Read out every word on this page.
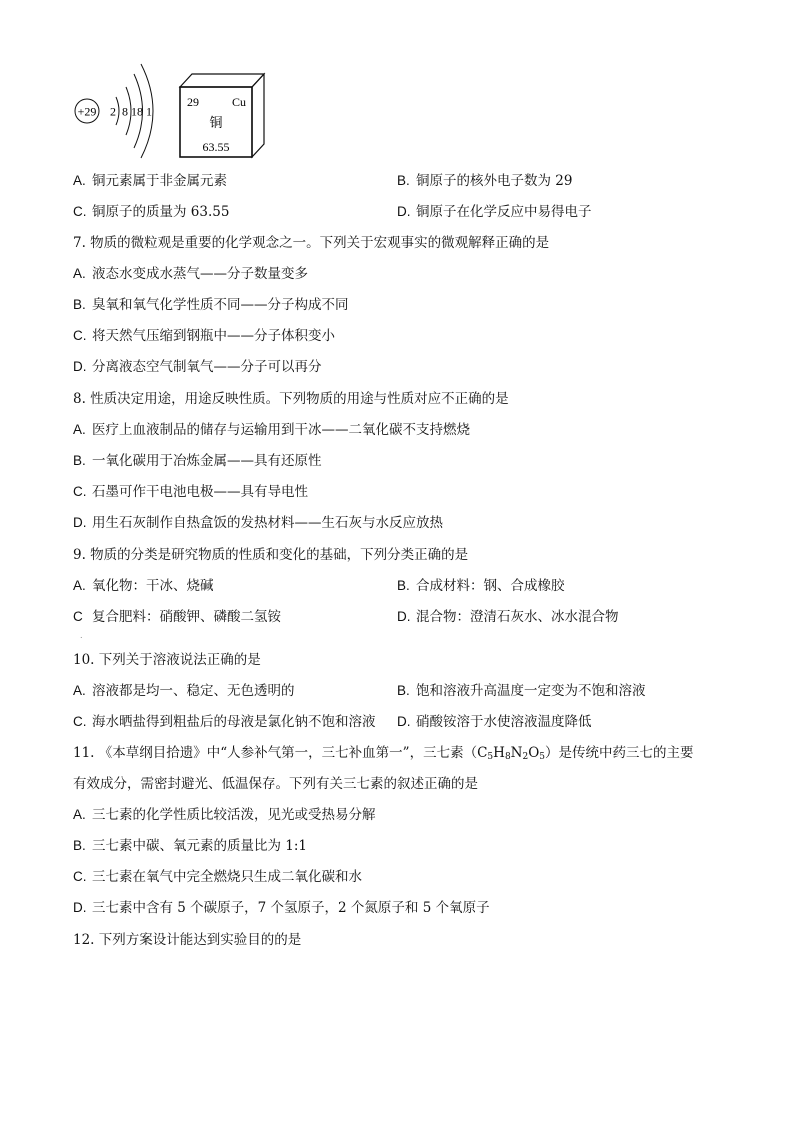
+29 2 8 18 1
29	Cu
铜
63.55
A. 铜元素属于非金属元素	B. 铜原子的核外电子数为 29
C. 铜原子的质量为 63.55	D. 铜原子在化学反应中易得电子
7. 物质的微粒观是重要的化学观念之一。下列关于宏观事实的微观解释正确的是
A. 液态水变成水蒸气——分子数量变多
B. 臭氧和氧气化学性质不同——分子构成不同
C. 将天然气压缩到钢瓶中——分子体积变小
D. 分离液态空气制氧气——分子可以再分
8. 性质决定用途，用途反映性质。下列物质的用途与性质对应不正确的是
A. 医疗上血液制品的储存与运输用到干冰——二氧化碳不支持燃烧
B. 一氧化碳用于冶炼金属——具有还原性
C. 石墨可作干电池电极——具有导电性
D. 用生石灰制作自热盒饭的发热材料——生石灰与水反应放热
9. 物质的分类是研究物质的性质和变化的基础，下列分类正确的是
A. 氧化物：干冰、烧碱	B. 合成材料：钢、合成橡胶
C 复合肥料：硝酸钾、磷酸二氢铵	D. 混合物：澄清石灰水、冰水混合物
.
10. 下列关于溶液说法正确的是
A. 溶液都是均一、稳定、无色透明的	B. 饱和溶液升高温度一定变为不饱和溶液
C. 海水晒盐得到粗盐后的母液是氯化钠不饱和溶液 D. 硝酸铵溶于水使溶液温度降低
11. 《本草纲目拾遗》中“人参补气第一，三七补血第一”，三七素$(C_5H_8N_2O_5)$是传统中药三七的主要
有效成分，需密封避光、低温保存。下列有关三七素的叙述正确的是
A. 三七素的化学性质比较活泼，见光或受热易分解
B. 三七素中碳、氧元素的质量比为 1:1
C. 三七素在氧气中完全燃烧只生成二氧化碳和水
D. 三七素中含有 5 个碳原子，7 个氢原子，2 个氮原子和 5 个氧原子
12. 下列方案设计能达到实验目的的是
